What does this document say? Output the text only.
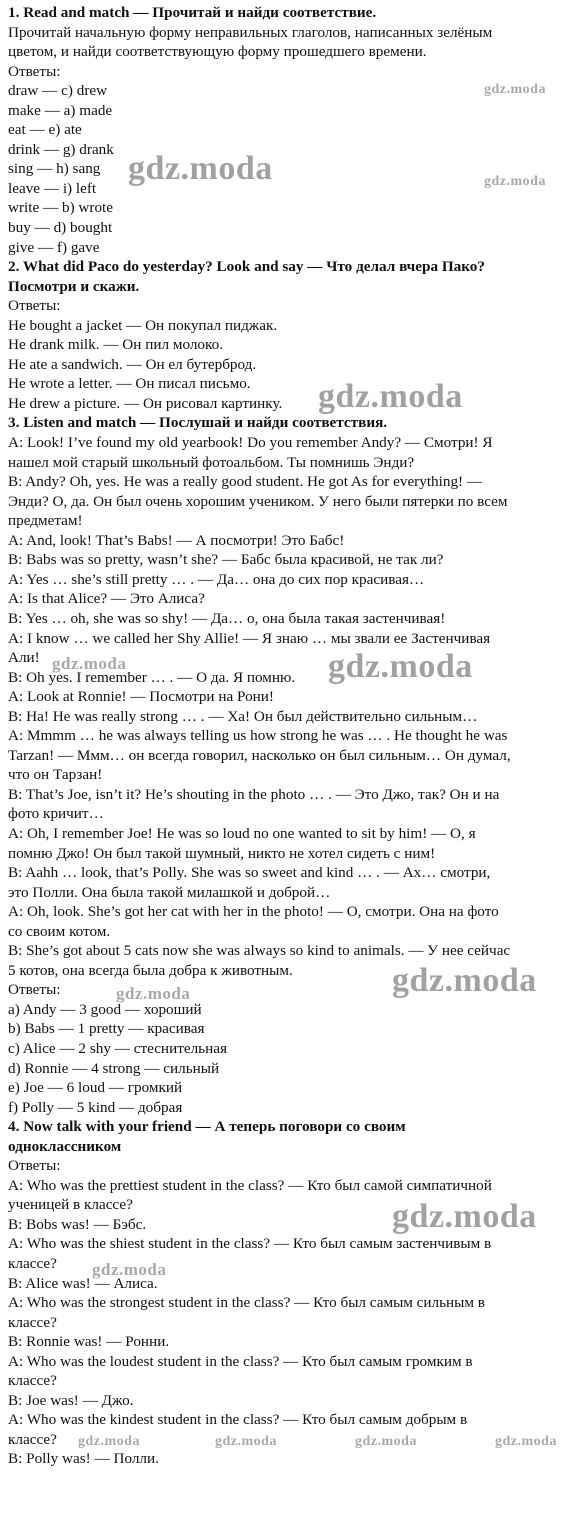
1. Read and match — Прочитай и найди соответствие.

Прочитай начальную форму неправильных глаголов, написанных зелёным

цветом, и найди соответствующую форму прошедшего времени.

Ответы:

draw — c) drew

make — a) made

eat — e) ate

drink — g) drank

sing — h) sang

leave — i) left

write — b) wrote

buy — d) bought

give — f) gave

2. What did Paco do yesterday? Look and say — Что делал вчера Пако?

Посмотри и скажи.

Ответы:

He bought a jacket — Он покупал пиджак.

He drank milk. — Он пил молоко.

He ate a sandwich. — Он ел бутерброд.

He wrote a letter. — Он писал письмо.

He drew a picture. — Он рисовал картинку.

3. Listen and match — Послушай и найди соответствия.

A: Look! I’ve found my old yearbook! Do you remember Andy? — Смотри! Я

нашел мой старый школьный фотоальбом. Ты помнишь Энди?

B: Andy? Oh, yes. He was a really good student. He got As for everything! —

Энди? О, да. Он был очень хорошим учеником. У него были пятерки по всем

предметам!

A: And, look! That’s Babs! — А посмотри! Это Бабс!

B: Babs was so pretty, wasn’t she? — Бабс была красивой, не так ли?

A: Yes … she’s still pretty … . — Да… она до сих пор красивая…

A: Is that Alice? — Это Алиса?

B: Yes … oh, she was so shy! — Да… о, она была такая застенчивая!

A: I know … we called her Shy Allie! — Я знаю … мы звали ее Застенчивая

Али!

B: Oh yes. I remember … . — О да. Я помню.

A: Look at Ronnie! — Посмотри на Рони!

B: Ha! He was really strong … . — Ха! Он был действительно сильным…

A: Mmmm … he was always telling us how strong he was … . He thought he was

Tarzan! — Ммм… он всегда говорил, насколько он был сильным… Он думал,

что он Тарзан!

B: That’s Joe, isn’t it? He’s shouting in the photo … . — Это Джо, так? Он и на

фото кричит…

A: Oh, I remember Joe! He was so loud no one wanted to sit by him! — О, я

помню Джо! Он был такой шумный, никто не хотел сидеть с ним!

B: Aahh … look, that’s Polly. She was so sweet and kind … . — Ах… смотри,

это Полли. Она была такой милашкой и доброй…

A: Oh, look. She’s got her cat with her in the photo! — О, смотри. Она на фото

со своим котом.

B: She’s got about 5 cats now she was always so kind to animals. — У нее сейчас

5 котов, она всегда была добра к животным.

Ответы:

a) Andy — 3 good — хороший

b) Babs — 1 pretty — красивая

c) Alice — 2 shy — стеснительная

d) Ronnie — 4 strong — сильный

e) Joe — 6 loud — громкий

f) Polly — 5 kind — добрая

4. Now talk with your friend — А теперь поговори со своим

одноклассником

Ответы:

A: Who was the prettiest student in the class? — Кто был самой симпатичной

ученицей в классе?

B: Bobs was! — Бэбс.

A: Who was the shiest student in the class? — Кто был самым застенчивым в

классе?

B: Alice was! — Алиса.

A: Who was the strongest student in the class? — Кто был самым сильным в

классе?

B: Ronnie was! — Ронни.

A: Who was the loudest student in the class? — Кто был самым громким в

классе?

B: Joe was! — Джо.

A: Who was the kindest student in the class? — Кто был самым добрым в

классе?

B: Polly was! — Полли.

gdz.moda
gdz.moda	gdz.moda
gdz.moda
gdz.moda	gdz.moda
gdz.moda
gdz.moda
gdz.moda
gdz.moda
gdz.moda	gdz.moda	gdz.moda	gdz.moda
